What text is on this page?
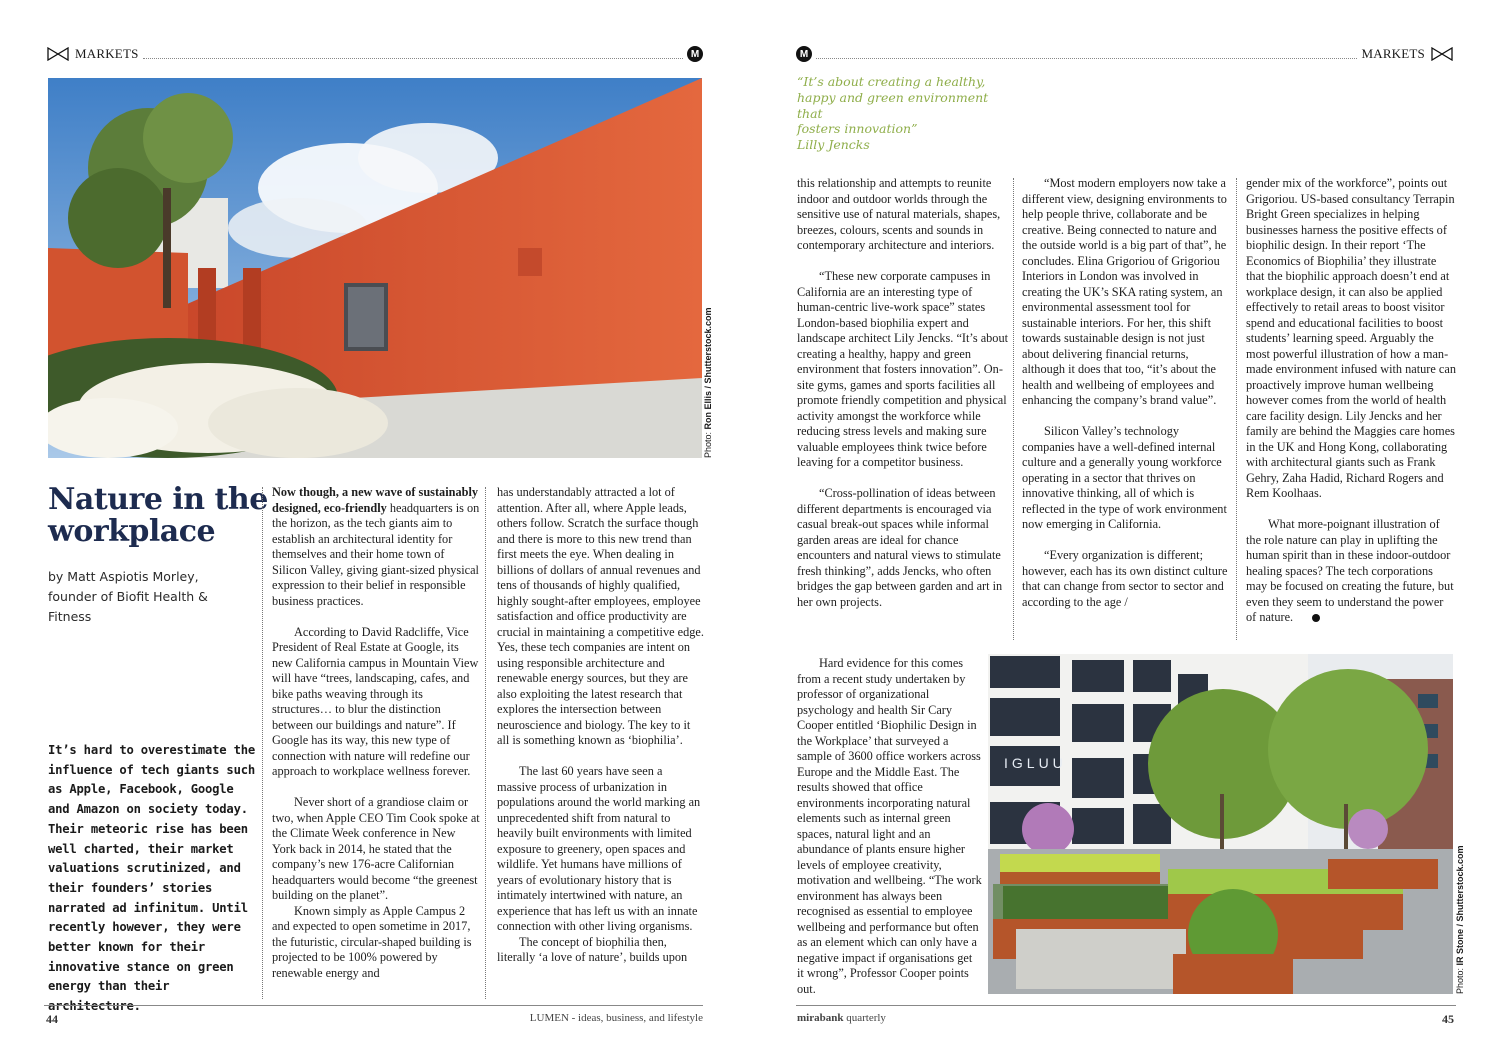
MARKETS	M
Photo: Ron Ellis / Shutterstock.com
Nature in the
workplace
by Matt Aspiotis Morley,
founder of Biofit Health &
Fitness
It’s hard to overestimate the influence of tech giants such as Apple, Facebook, Google and Amazon on society today. Their meteoric rise has been well charted, their market valuations scrutinized, and their founders’ stories narrated ad infinitum. Until recently however, they were better known for their innovative stance on green energy than their architecture.

Now though, a new wave of sustainably designed, eco-friendly headquarters is on the horizon, as the tech giants aim to establish an architectural identity for themselves and their home town of Silicon Valley, giving giant-sized physical expression to their belief in responsible business practices.

According to David Radcliffe, Vice President of Real Estate at Google, its new California campus in Mountain View will have “trees, landscaping, cafes, and bike paths weaving through its structures… to blur the distinction between our buildings and nature”. If Google has its way, this new type of connection with nature will redefine our approach to workplace wellness forever.

Never short of a grandiose claim or two, when Apple CEO Tim Cook spoke at the Climate Week conference in New York back in 2014, he stated that the company’s new 176-acre Californian headquarters would become “the greenest building on the planet”.

Known simply as Apple Campus 2 and expected to open sometime in 2017, the futuristic, circular-shaped building is projected to be 100% powered by renewable energy and

has understandably attracted a lot of attention. After all, where Apple leads, others follow. Scratch the surface though and there is more to this new trend than first meets the eye. When dealing in billions of dollars of annual revenues and tens of thousands of highly qualified, highly sought-after employees, employee satisfaction and office productivity are crucial in maintaining a competitive edge. Yes, these tech companies are intent on using responsible architecture and renewable energy sources, but they are also exploiting the latest research that explores the intersection between neuroscience and biology. The key to it all is something known as ‘biophilia’.

The last 60 years have seen a massive process of urbanization in populations around the world marking an unprecedented shift from natural to heavily built environments with limited exposure to greenery, open spaces and wildlife. Yet humans have millions of years of evolutionary history that is intimately intertwined with nature, an experience that has left us with an innate connection with other living organisms.

The concept of biophilia then, literally ‘a love of nature’, builds upon

44	LUMEN - ideas, business, and lifestyle
M	MARKETS
“It’s about creating a healthy,
happy and green environment that
fosters innovation”
Lilly Jencks

this relationship and attempts to reunite indoor and outdoor worlds through the sensitive use of natural materials, shapes, breezes, colours, scents and sounds in contemporary architecture and interiors.

“These new corporate campuses in California are an interesting type of human-centric live-work space” states London-based biophilia expert and landscape architect Lily Jencks. “It’s about creating a healthy, happy and green environment that fosters innovation”. On-site gyms, games and sports facilities all promote friendly competition and physical activity amongst the workforce while reducing stress levels and making sure valuable employees think twice before leaving for a competitor business.

“Cross-pollination of ideas between different departments is encouraged via casual break-out spaces while informal garden areas are ideal for chance encounters and natural views to stimulate fresh thinking”, adds Jencks, who often bridges the gap between garden and art in her own projects.

“Most modern employers now take a different view, designing environments to help people thrive, collaborate and be creative. Being connected to nature and the outside world is a big part of that”, he concludes. Elina Grigoriou of Grigoriou Interiors in London was involved in creating the UK’s SKA rating system, an environmental assessment tool for sustainable interiors. For her, this shift towards sustainable design is not just about delivering financial returns, although it does that too, “it’s about the health and wellbeing of employees and enhancing the company’s brand value”.

Silicon Valley’s technology companies have a well-defined internal culture and a generally young workforce operating in a sector that thrives on innovative thinking, all of which is reflected in the type of work environment now emerging in California.

“Every organization is different; however, each has its own distinct culture that can change from sector to sector and according to the age /

gender mix of the workforce”, points out Grigoriou. US-based consultancy Terrapin Bright Green specializes in helping businesses harness the positive effects of biophilic design. In their report ‘The Economics of Biophilia’ they illustrate that the biophilic approach doesn’t end at workplace design, it can also be applied effectively to retail areas to boost visitor spend and educational facilities to boost students’ learning speed. Arguably the most powerful illustration of how a man-made environment infused with nature can proactively improve human wellbeing however comes from the world of health care facility design. Lily Jencks and her family are behind the Maggies care homes in the UK and Hong Kong, collaborating with architectural giants such as Frank Gehry, Zaha Hadid, Richard Rogers and Rem Koolhaas.

What more-poignant illustration of the role nature can play in uplifting the human spirit than in these indoor-outdoor healing spaces? The tech corporations may be focused on creating the future, but even they seem to understand the power of nature.

Hard evidence for this comes from a recent study undertaken by professor of organizational psychology and health Sir Cary Cooper entitled ‘Biophilic Design in the Workplace’ that surveyed a sample of 3600 office workers across Europe and the Middle East. The results showed that office environments incorporating natural elements such as internal green spaces, natural light and an abundance of plants ensure higher levels of employee creativity, motivation and wellbeing. “The work environment has always been recognised as essential to employee wellbeing and performance but often as an element which can only have a negative impact if organisations get it wrong”, Professor Cooper points out.

IGLUU
Photo: IR Stone / Shutterstock.com
mirabank quarterly	45
